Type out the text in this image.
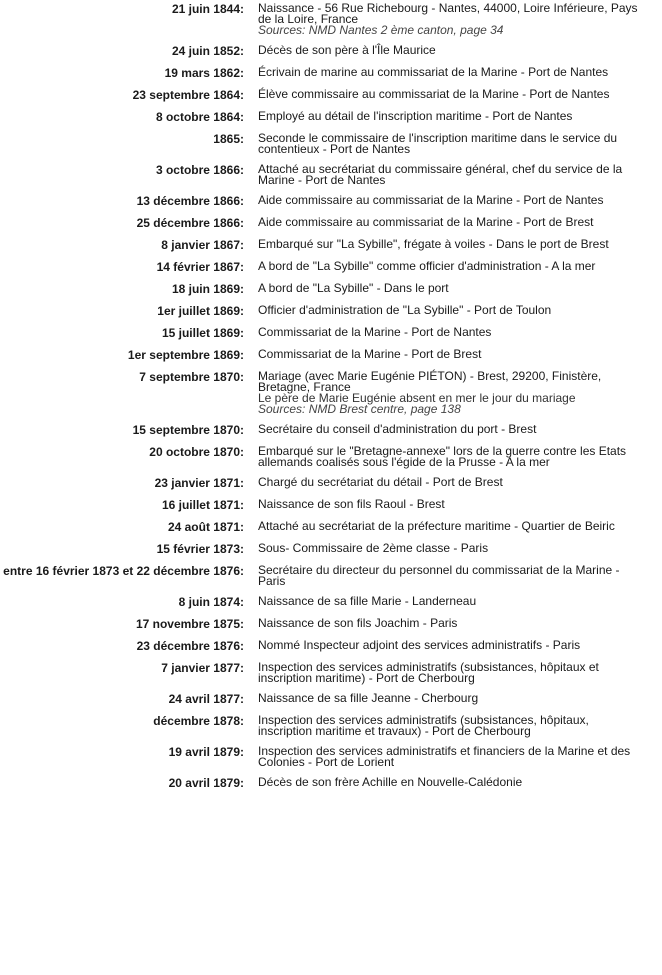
21 juin 1844 : Naissance - 56 Rue Richebourg - Nantes, 44000, Loire Inférieure, Pays de la Loire, France
Sources: NMD Nantes 2 ème canton, page 34
24 juin 1852 : Décès de son père à l'Île Maurice
19 mars 1862 : Écrivain de marine au commissariat de la Marine - Port de Nantes
23 septembre 1864 : Élève commissaire au commissariat de la Marine - Port de Nantes
8 octobre 1864 : Employé au détail de l'inscription maritime - Port de Nantes
1865 : Seconde le commissaire de l'inscription maritime dans le service du contentieux - Port de Nantes
3 octobre 1866 : Attaché au secrétariat du commissaire général, chef du service de la Marine - Port de Nantes
13 décembre 1866 : Aide commissaire au commissariat de la Marine - Port de Nantes
25 décembre 1866 : Aide commissaire au commissariat de la Marine - Port de Brest
8 janvier 1867 : Embarqué sur "La Sybille", frégate à voiles - Dans le port de Brest
14 février 1867 : A bord de "La Sybille" comme officier d'administration - A la mer
18 juin 1869 : A bord de "La Sybille" - Dans le port
1er juillet 1869 : Officier d'administration de "La Sybille" - Port de Toulon
15 juillet 1869 : Commissariat de la Marine - Port de Nantes
1er septembre 1869 : Commissariat de la Marine - Port de Brest
7 septembre 1870 : Mariage (avec Marie Eugénie PIÉTON) - Brest, 29200, Finistère, Bretagne, France
Le père de Marie Eugénie absent en mer le jour du mariage
Sources: NMD Brest centre, page 138
15 septembre 1870 : Secrétaire du conseil d'administration du port - Brest
20 octobre 1870 : Embarqué sur le "Bretagne-annexe" lors de la guerre contre les Etats allemands coalisés sous l'égide de la Prusse - A la mer
23 janvier 1871 : Chargé du secrétariat du détail - Port de Brest
16 juillet 1871 : Naissance de son fils Raoul - Brest
24 août 1871 : Attaché au secrétariat de la préfecture maritime - Quartier de Beiric
15 février 1873 : Sous- Commissaire de 2ème classe - Paris
entre 16 février 1873 et 22 décembre 1876 : Secrétaire du directeur du personnel du commissariat de la Marine - Paris
8 juin 1874 : Naissance de sa fille Marie - Landerneau
17 novembre 1875 : Naissance de son fils Joachim - Paris
23 décembre 1876 : Nommé Inspecteur adjoint des services administratifs - Paris
7 janvier 1877 : Inspection des services administratifs (subsistances, hôpitaux et inscription maritime) - Port de Cherbourg
24 avril 1877 : Naissance de sa fille Jeanne - Cherbourg
décembre 1878 : Inspection des services administratifs (subsistances, hôpitaux, inscription maritime et travaux) - Port de Cherbourg
19 avril 1879 : Inspection des services administratifs et financiers de la Marine et des Colonies - Port de Lorient
20 avril 1879 : Décès de son frère Achille en Nouvelle-Calédonie
